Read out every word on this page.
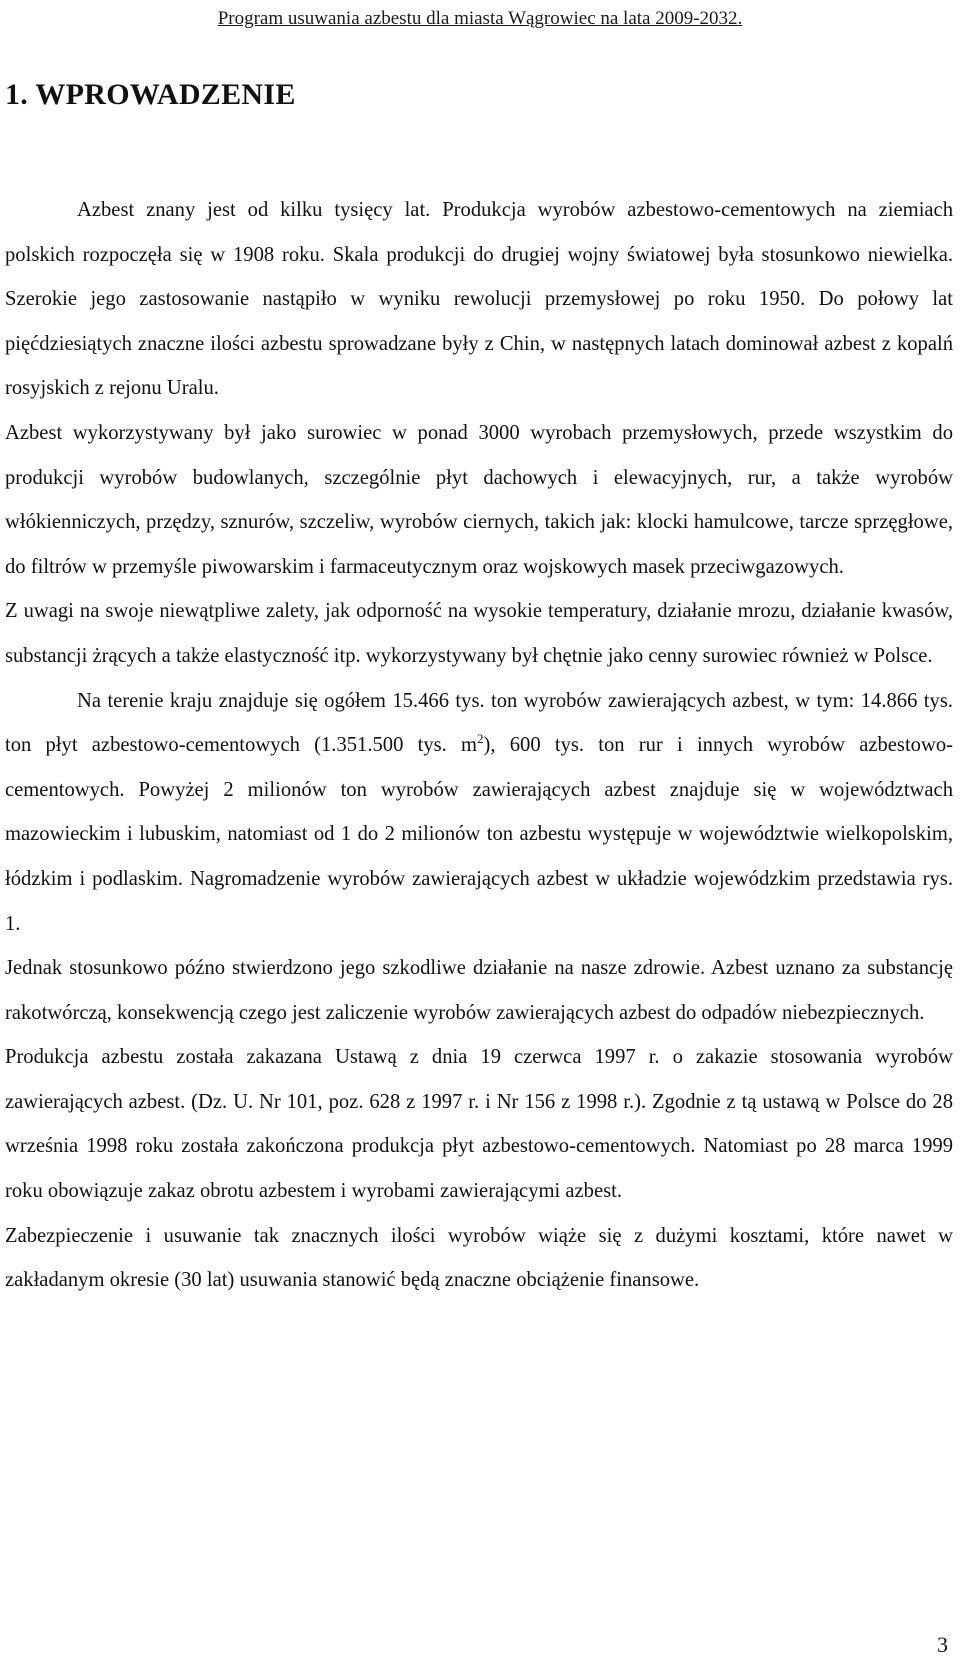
Program usuwania azbestu dla miasta Wągrowiec na lata 2009-2032.
1. WPROWADZENIE

Azbest znany jest od kilku tysięcy lat. Produkcja wyrobów azbestowo-cementowych na ziemiach polskich rozpoczęła się w 1908 roku. Skala produkcji do drugiej wojny światowej była stosunkowo niewielka. Szerokie jego zastosowanie nastąpiło w wyniku rewolucji przemysłowej po roku 1950. Do połowy lat pięćdziesiątych znaczne ilości azbestu sprowadzane były z Chin, w następnych latach dominował azbest z kopalń rosyjskich z rejonu Uralu.

Azbest wykorzystywany był jako surowiec w ponad 3000 wyrobach przemysłowych, przede wszystkim do produkcji wyrobów budowlanych, szczególnie płyt dachowych i elewacyjnych, rur, a także wyrobów włókienniczych, przędzy, sznurów, szczeliw, wyrobów ciernych, takich jak: klocki hamulcowe, tarcze sprzęgłowe, do filtrów w przemyśle piwowarskim i farmaceutycznym oraz wojskowych masek przeciwgazowych.

Z uwagi na swoje niewątpliwe zalety, jak odporność na wysokie temperatury, działanie mrozu, działanie kwasów, substancji żrących a także elastyczność itp. wykorzystywany był chętnie jako cenny surowiec również w Polsce.

Na terenie kraju znajduje się ogółem 15.466 tys. ton wyrobów zawierających azbest, w tym: 14.866 tys. ton płyt azbestowo-cementowych (1.351.500 tys. $m^2$), 600 tys. ton rur i innych wyrobów azbestowo-cementowych. Powyżej 2 milionów ton wyrobów zawierających azbest znajduje się w województwach mazowieckim i lubuskim, natomiast od 1 do 2 milionów ton azbestu występuje w województwie wielkopolskim, łódzkim i podlaskim. Nagromadzenie wyrobów zawierających azbest w układzie wojewódzkim przedstawia rys. 1.

Jednak stosunkowo późno stwierdzono jego szkodliwe działanie na nasze zdrowie. Azbest uznano za substancję rakotwórczą, konsekwencją czego jest zaliczenie wyrobów zawierających azbest do odpadów niebezpiecznych.

Produkcja azbestu została zakazana Ustawą z dnia 19 czerwca 1997 r. o zakazie stosowania wyrobów zawierających azbest. (Dz. U. Nr 101, poz. 628 z 1997 r. i Nr 156 z 1998 r.). Zgodnie z tą ustawą w Polsce do 28 września 1998 roku została zakończona produkcja płyt azbestowo-cementowych. Natomiast po 28 marca 1999 roku obowiązuje zakaz obrotu azbestem i wyrobami zawierającymi azbest.

Zabezpieczenie i usuwanie tak znacznych ilości wyrobów wiąże się z dużymi kosztami, które nawet w zakładanym okresie (30 lat) usuwania stanowić będą znaczne obciążenie finansowe.

3
